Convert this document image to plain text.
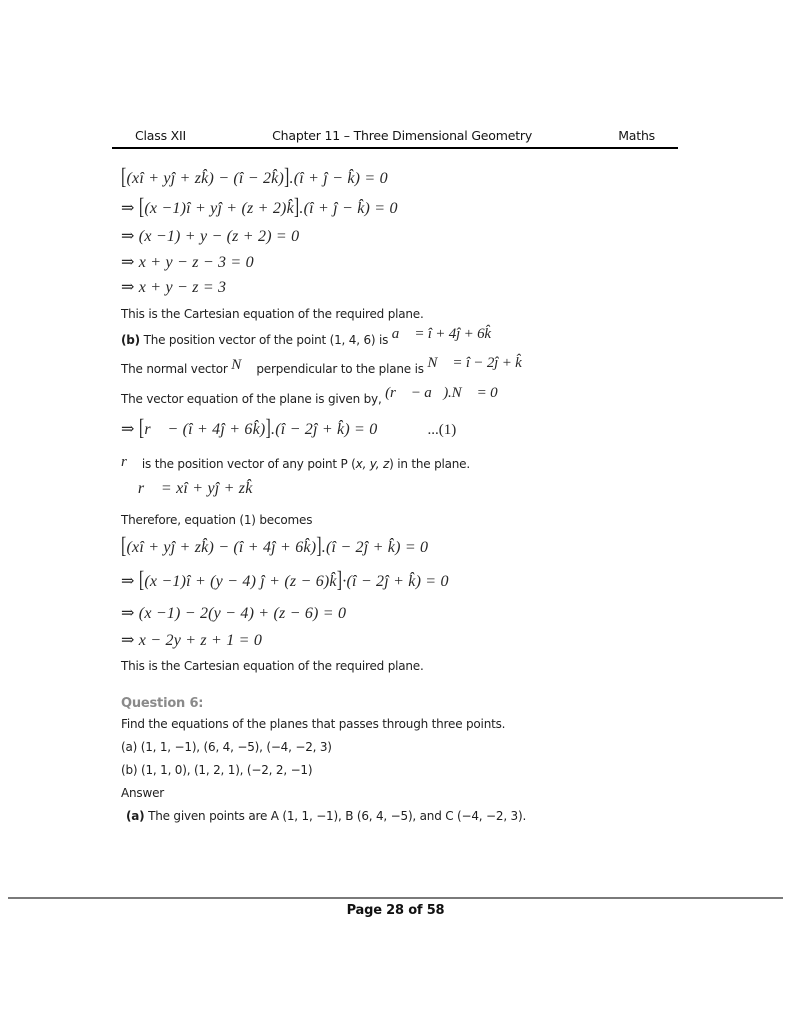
Class XII	Chapter 11 – Three Dimensional Geometry	Maths
[(xî + yĵ + zk̂) − (î − 2k̂)].(î + ĵ − k̂) = 0
⇒ [(x −1)î + yĵ + (z + 2)k̂].(î + ĵ − k̂) = 0
⇒ (x −1) + y − (z + 2) = 0
⇒ x + y − z − 3 = 0
⇒ x + y − z = 3
This is the Cartesian equation of the required plane.
(b) The position vector of the point (1, 4, 6) is a⃗ = î + 4ĵ + 6k̂
The normal vector N⃗ perpendicular to the plane is N⃗ = î − 2ĵ + k̂
The vector equation of the plane is given by, (r⃗ − a⃗).N⃗ = 0
⇒ [r⃗ − (î + 4ĵ + 6k̂)].(î − 2ĵ + k̂) = 0	...(1)
r⃗ is the position vector of any point P (x, y, z) in the plane.
∴ r⃗ = xî + yĵ + zk̂
Therefore, equation (1) becomes
[(xî + yĵ + zk̂) − (î + 4ĵ + 6k̂)].(î − 2ĵ + k̂) = 0
⇒ [(x −1)î + (y − 4) ĵ + (z − 6)k̂]·(î − 2ĵ + k̂) = 0
⇒ (x −1) − 2(y − 4) + (z − 6) = 0
⇒ x − 2y + z + 1 = 0
This is the Cartesian equation of the required plane.
Question 6:
Find the equations of the planes that passes through three points.
(a) (1, 1, −1), (6, 4, −5), (−4, −2, 3)
(b) (1, 1, 0), (1, 2, 1), (−2, 2, −1)
Answer
(a) The given points are A (1, 1, −1), B (6, 4, −5), and C (−4, −2, 3).
Page 28 of 58
